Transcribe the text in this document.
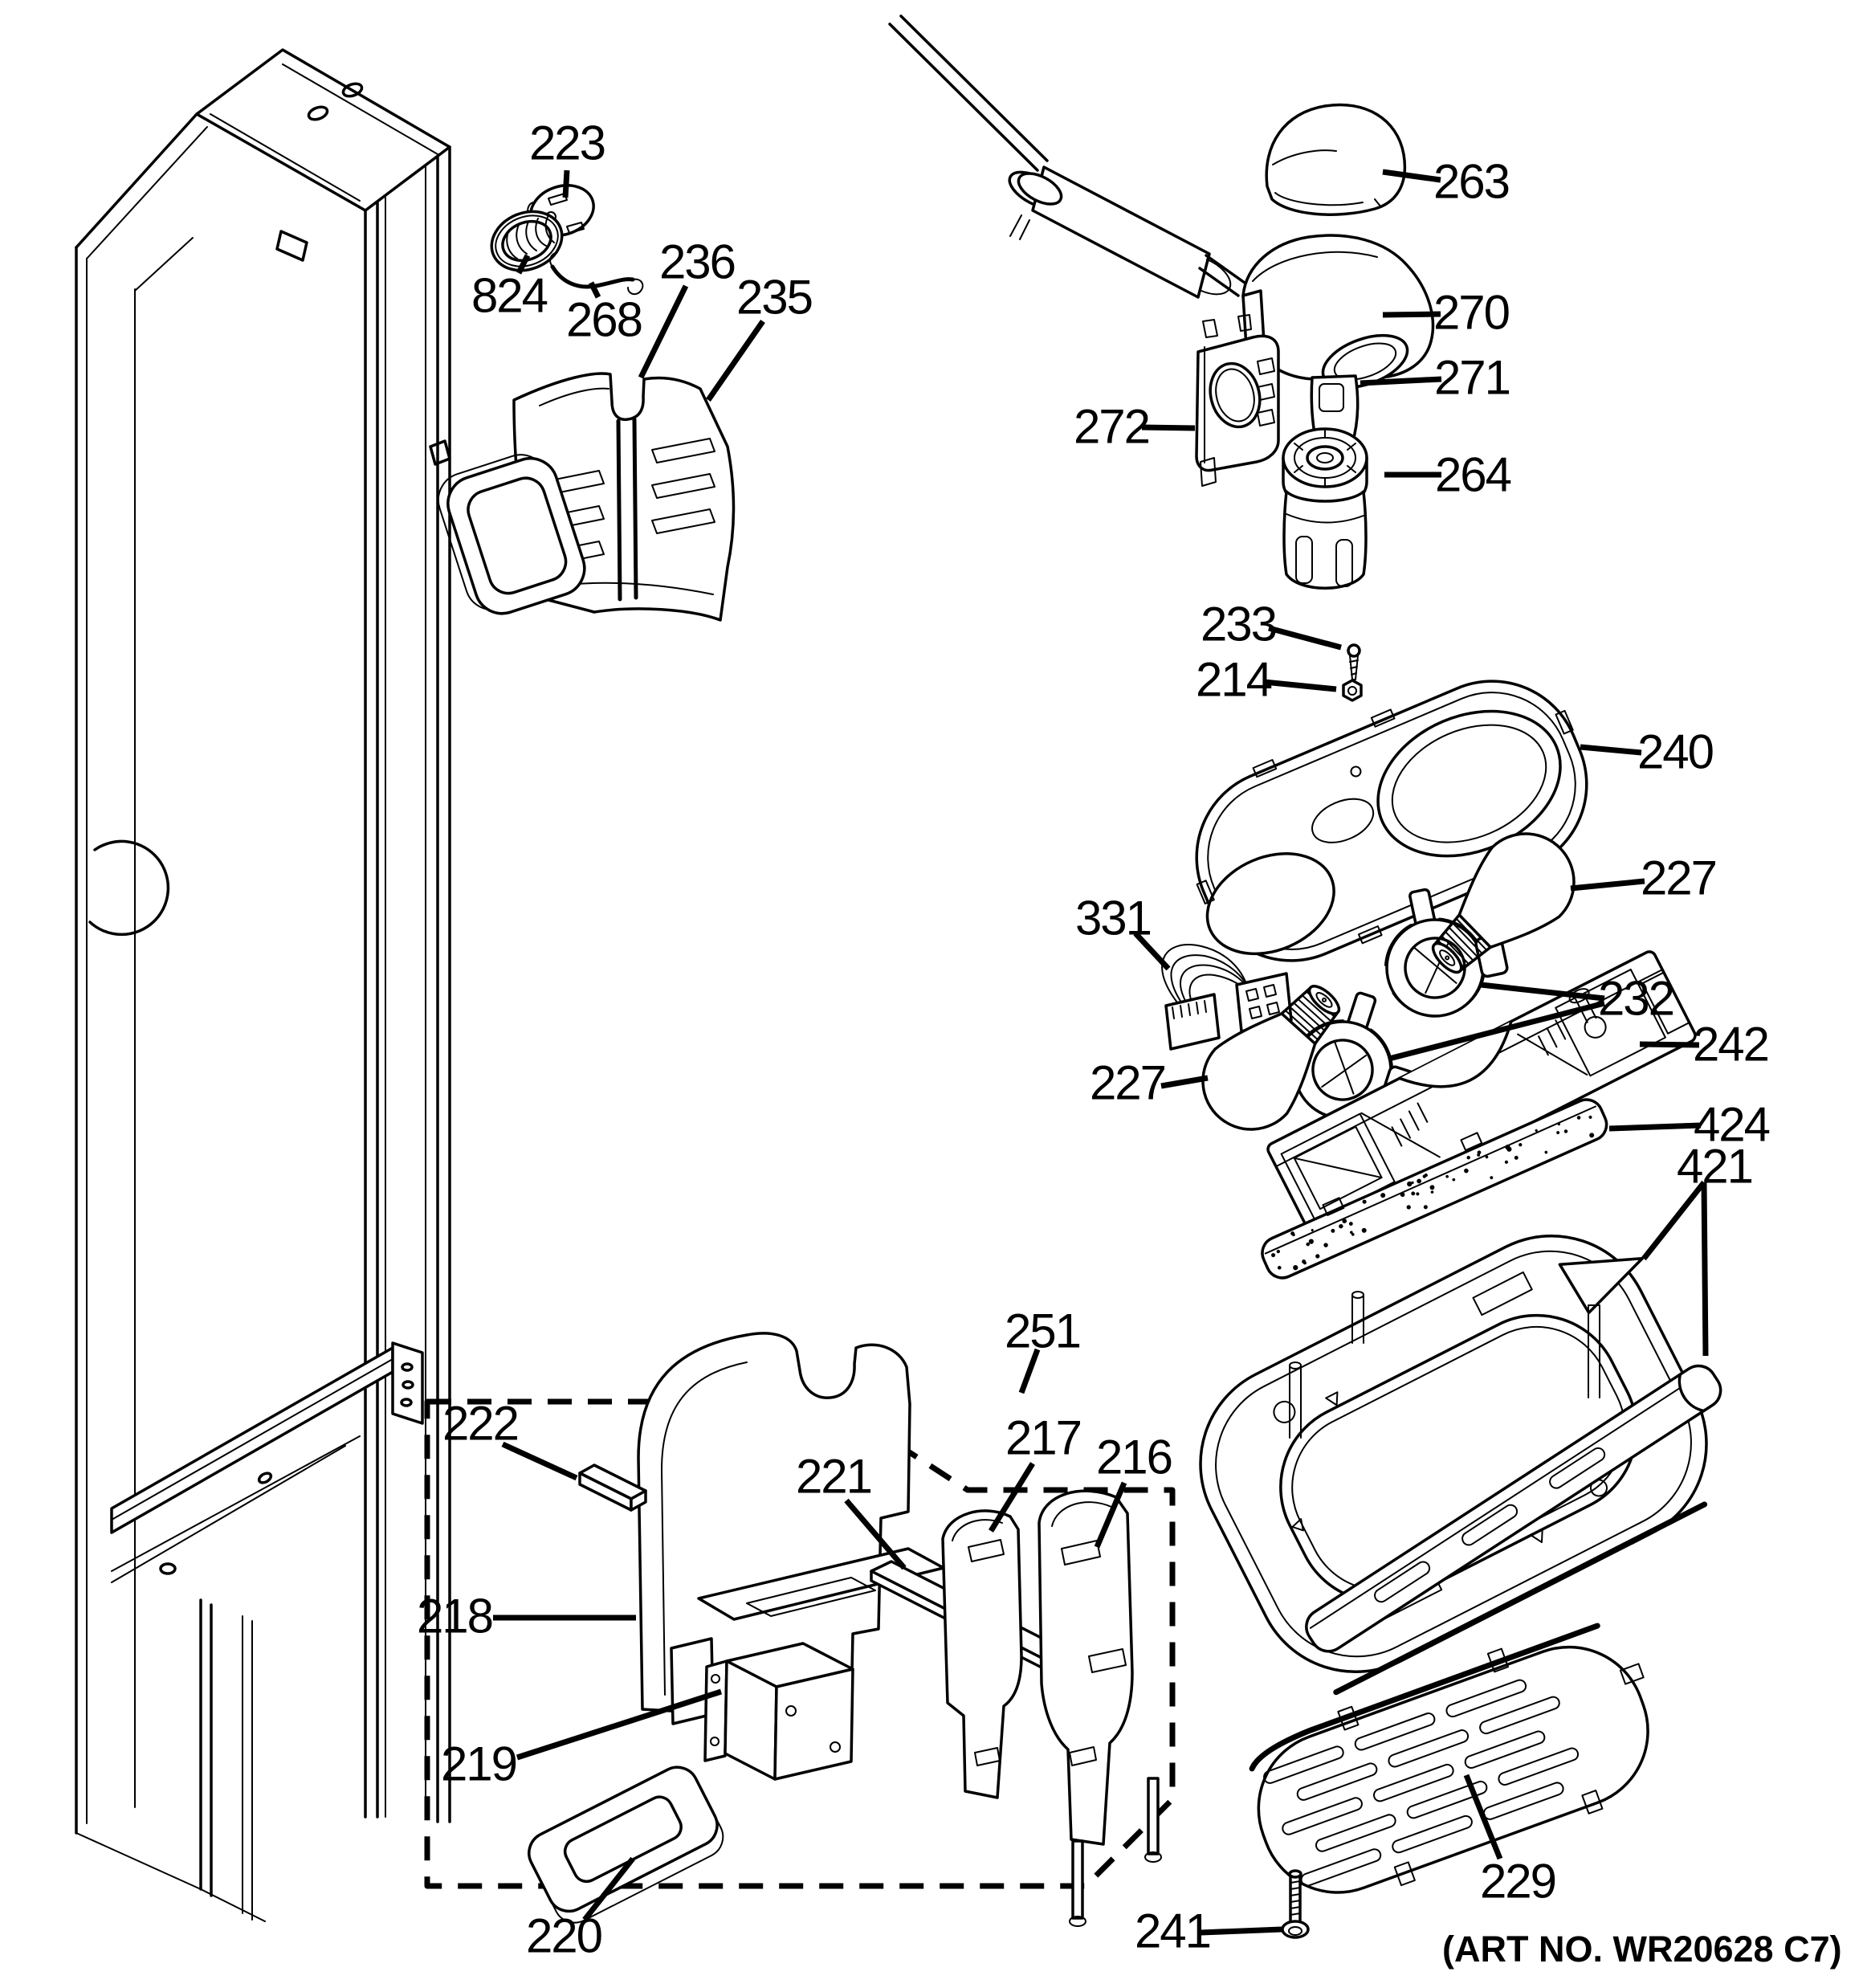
223
824 268
236
235
263
270
271
272
264
233
214
240
227
331
232
242
227
424
421
251
222	217 216
221
218
219
220
229
241	(ART NO. WR20628 C7)
